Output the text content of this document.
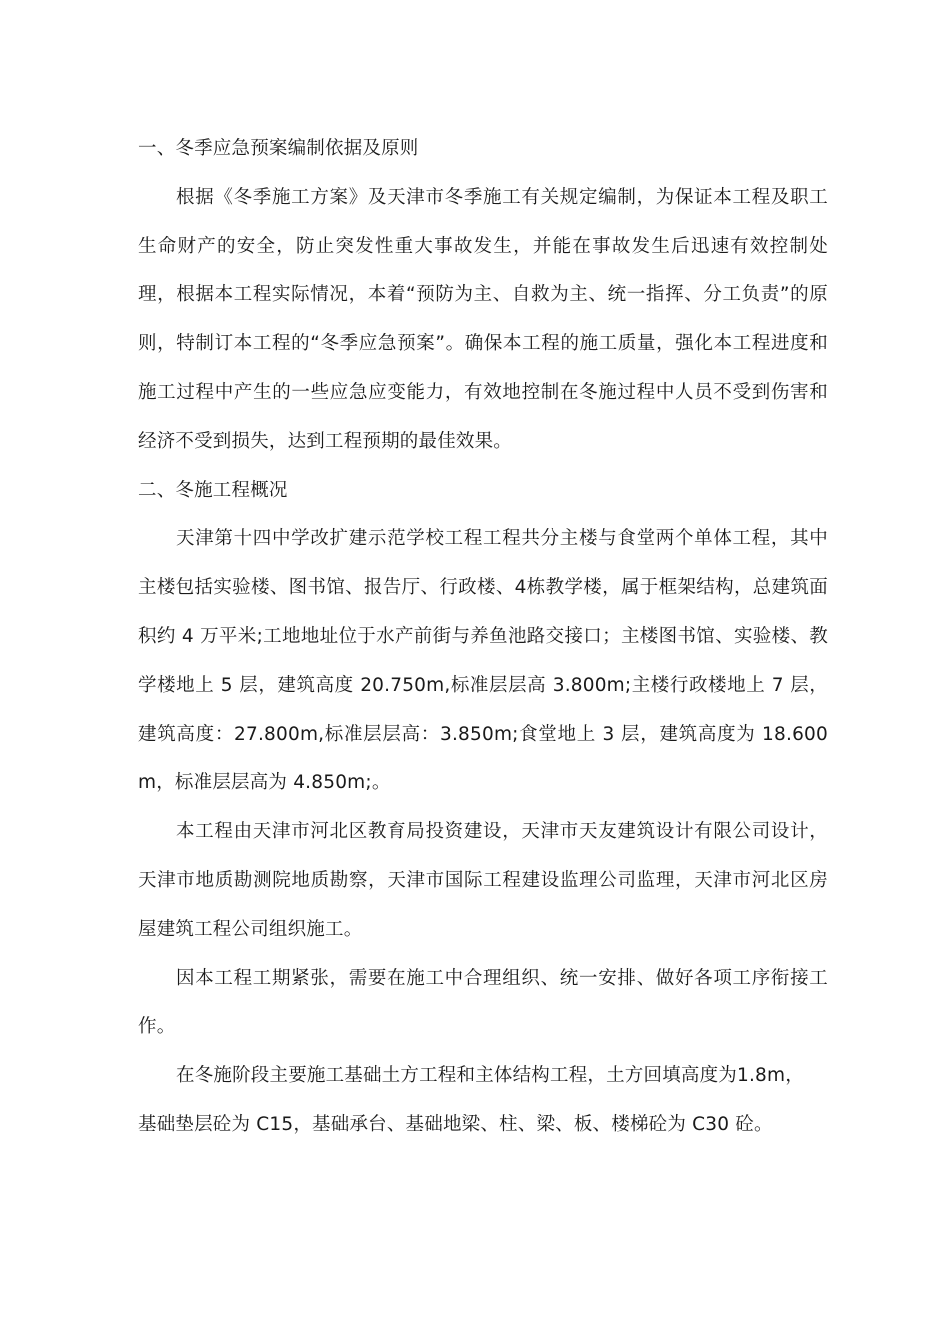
一、冬季应急预案编制依据及原则

根据《冬季施工方案》及天津市冬季施工有关规定编制，为保证本工程及职工生命财产的安全，防止突发性重大事故发生，并能在事故发生后迅速有效控制处理，根据本工程实际情况，本着“预防为主、自救为主、统一指挥、分工负责”的原则，特制订本工程的“冬季应急预案”。确保本工程的施工质量，强化本工程进度和施工过程中产生的一些应急应变能力，有效地控制在冬施过程中人员不受到伤害和经济不受到损失，达到工程预期的最佳效果。

二、冬施工程概况

天津第十四中学改扩建示范学校工程工程共分主楼与食堂两个单体工程，其中主楼包括实验楼、图书馆、报告厅、行政楼、4栋教学楼，属于框架结构，总建筑面积约 4 万平米;工地地址位于水产前街与养鱼池路交接口；主楼图书馆、实验楼、教学楼地上 5 层，建筑高度 20.750m,标准层层高 3.800m;主楼行政楼地上 7 层，建筑高度：27.800m,标准层层高：3.850m;食堂地上 3 层，建筑高度为 18.600m，标准层层高为 4.850m;。

本工程由天津市河北区教育局投资建设，天津市天友建筑设计有限公司设计，天津市地质勘测院地质勘察，天津市国际工程建设监理公司监理，天津市河北区房屋建筑工程公司组织施工。

因本工程工期紧张，需要在施工中合理组织、统一安排、做好各项工序衔接工作。

在冬施阶段主要施工基础土方工程和主体结构工程，土方回填高度为1.8m，

基础垫层砼为 C15，基础承台、基础地梁、柱、梁、板、楼梯砼为 C30 砼。
